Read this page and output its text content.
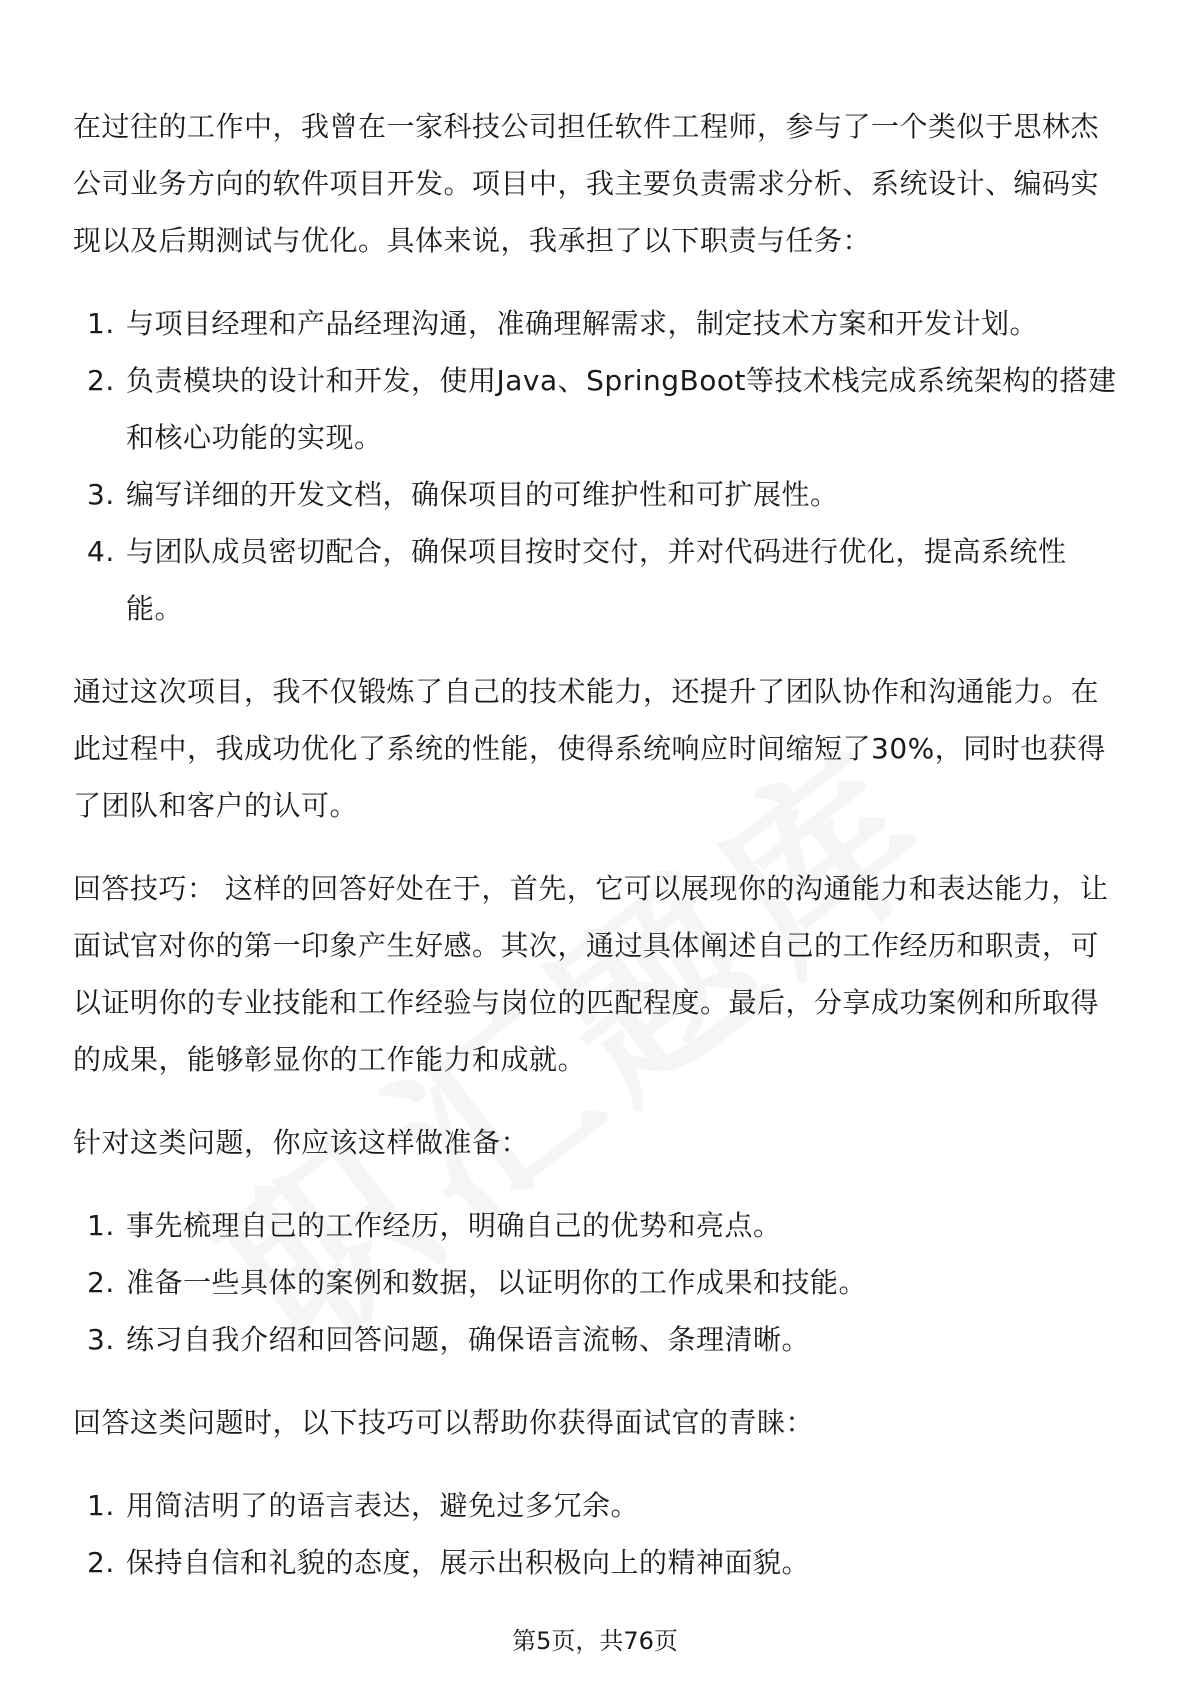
在过往的工作中，我曾在一家科技公司担任软件工程师，参与了一个类似于思林杰公司业务方向的软件项目开发。项目中，我主要负责需求分析、系统设计、编码实现以及后期测试与优化。具体来说，我承担了以下职责与任务：

1. 与项目经理和产品经理沟通，准确理解需求，制定技术方案和开发计划。
2. 负责模块的设计和开发，使用Java、SpringBoot等技术栈完成系统架构的搭建和核心功能的实现。
3. 编写详细的开发文档，确保项目的可维护性和可扩展性。
4. 与团队成员密切配合，确保项目按时交付，并对代码进行优化，提高系统性能。

通过这次项目，我不仅锻炼了自己的技术能力，还提升了团队协作和沟通能力。在此过程中，我成功优化了系统的性能，使得系统响应时间缩短了30%，同时也获得了团队和客户的认可。

回答技巧： 这样的回答好处在于，首先，它可以展现你的沟通能力和表达能力，让面试官对你的第一印象产生好感。其次，通过具体阐述自己的工作经历和职责，可以证明你的专业技能和工作经验与岗位的匹配程度。最后，分享成功案例和所取得的成果，能够彰显你的工作能力和成就。

针对这类问题，你应该这样做准备：

1. 事先梳理自己的工作经历，明确自己的优势和亮点。
2. 准备一些具体的案例和数据，以证明你的工作成果和技能。
3. 练习自我介绍和回答问题，确保语言流畅、条理清晰。

回答这类问题时，以下技巧可以帮助你获得面试官的青睐：

1. 用简洁明了的语言表达，避免过多冗余。
2. 保持自信和礼貌的态度，展示出积极向上的精神面貌。
第5页，共76页
